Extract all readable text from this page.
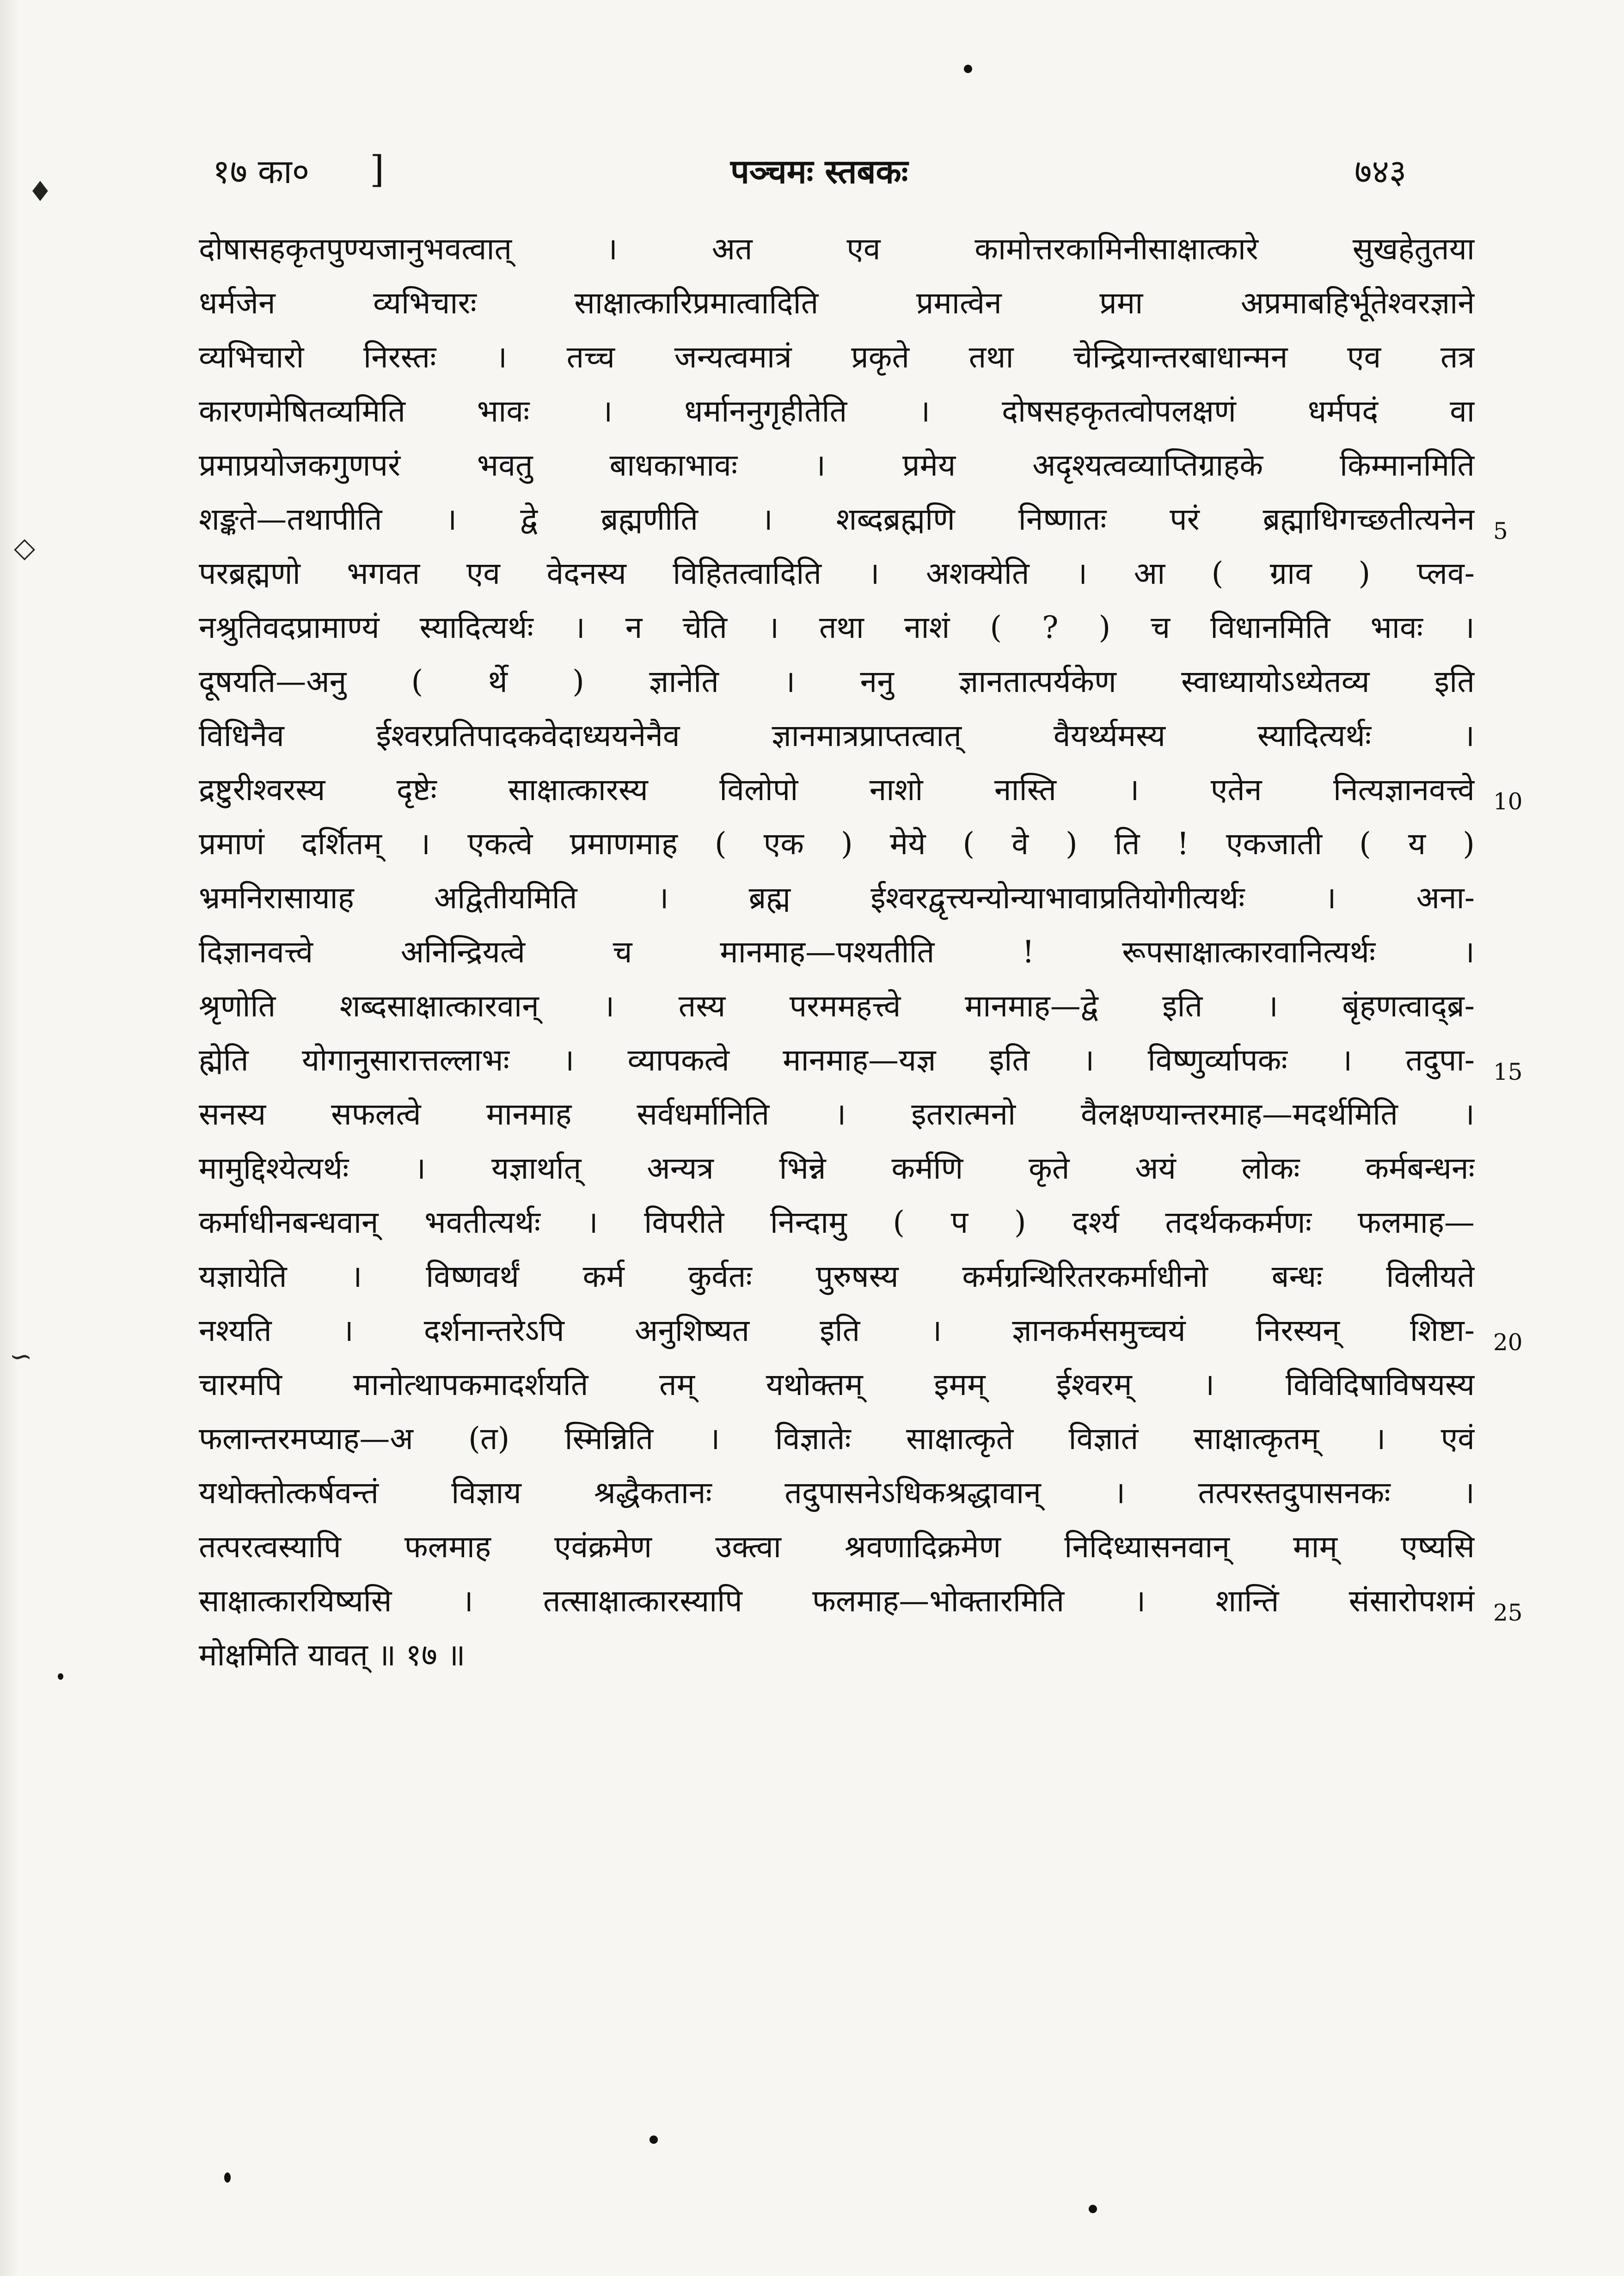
१७ का० ]	पञ्चमः स्तबकः	७४३
दोषासहकृतपुण्यजानुभवत्वात् । अत एव कामोत्तरकामिनीसाक्षात्कारे सुखहेतुतया
धर्मजेन व्यभिचारः साक्षात्कारिप्रमात्वादिति प्रमात्वेन प्रमा अप्रमाबहिर्भूतेश्वरज्ञाने
व्यभिचारो निरस्तः । तच्च जन्यत्वमात्रं प्रकृते तथा चेन्द्रियान्तरबाधान्मन एव तत्र
कारणमेषितव्यमिति भावः । धर्माननुगृहीतेति । दोषसहकृतत्वोपलक्षणं धर्मपदं वा
प्रमाप्रयोजकगुणपरं भवतु बाधकाभावः । प्रमेय अदृश्यत्वव्याप्तिग्राहके किम्मानमिति
शङ्कते—तथापीति । द्वे ब्रह्मणीति । शब्दब्रह्मणि निष्णातः परं ब्रह्माधिगच्छतीत्यनेन
परब्रह्मणो भगवत एव वेदनस्य विहितत्वादिति । अशक्येति । आ ( ग्राव ) प्लव-
नश्रुतिवदप्रामाण्यं स्यादित्यर्थः । न चेति । तथा नाशं ( ? ) च विधानमिति भावः ।
दूषयति—अनु ( र्थे ) ज्ञानेति । ननु ज्ञानतात्पर्यकेण स्वाध्यायोऽध्येतव्य इति
विधिनैव ईश्वरप्रतिपादकवेदाध्ययनेनैव ज्ञानमात्रप्राप्तत्वात् वैयर्थ्यमस्य स्यादित्यर्थः ।
द्रष्टुरीश्वरस्य दृष्टेः साक्षात्कारस्य विलोपो नाशो नास्ति । एतेन नित्यज्ञानवत्त्वे
प्रमाणं दर्शितम् । एकत्वे प्रमाणमाह ( एक ) मेये ( वे ) ति ! एकजाती ( य )
भ्रमनिरासायाह अद्वितीयमिति । ब्रह्म ईश्वरद्वृत्त्यन्योन्याभावाप्रतियोगीत्यर्थः । अना-
दिज्ञानवत्त्वे अनिन्द्रियत्वे च मानमाह—पश्यतीति ! रूपसाक्षात्कारवानित्यर्थः ।
श्रृणोति शब्दसाक्षात्कारवान् । तस्य परममहत्त्वे मानमाह—द्वे इति । बृंहणत्वाद्ब्र-
ह्मेति योगानुसारात्तल्लाभः । व्यापकत्वे मानमाह—यज्ञ इति । विष्णुर्व्यापकः । तदुपा-
सनस्य सफलत्वे मानमाह सर्वधर्मानिति । इतरात्मनो वैलक्षण्यान्तरमाह—मदर्थमिति ।
मामुद्दिश्येत्यर्थः । यज्ञार्थात् अन्यत्र भिन्ने कर्मणि कृते अयं लोकः कर्मबन्धनः
कर्माधीनबन्धवान् भवतीत्यर्थः । विपरीते निन्दामु ( प ) दर्श्य तदर्थककर्मणः फलमाह—
यज्ञायेति । विष्णवर्थं कर्म कुर्वतः पुरुषस्य कर्मग्रन्थिरितरकर्माधीनो बन्धः विलीयते
नश्यति । दर्शनान्तरेऽपि अनुशिष्यत इति । ज्ञानकर्मसमुच्चयं निरस्यन् शिष्टा-
चारमपि मानोत्थापकमादर्शयति तम् यथोक्तम् इमम् ईश्वरम् । विविदिषाविषयस्य
फलान्तरमप्याह—अ (त) स्मिन्निति । विज्ञातेः साक्षात्कृते विज्ञातं साक्षात्कृतम् । एवं
यथोक्तोत्कर्षवन्तं विज्ञाय श्रद्धैकतानः तदुपासनेऽधिकश्रद्धावान् । तत्परस्तदुपासनकः ।
तत्परत्वस्यापि फलमाह एवंक्रमेण उक्त्वा श्रवणादिक्रमेण निदिध्यासनवान् माम् एष्यसि
साक्षात्कारयिष्यसि । तत्साक्षात्कारस्यापि फलमाह—भोक्तारमिति । शान्तिं संसारोपशमं
मोक्षमिति यावत् ॥ १७ ॥
5
10
15
20
25
♦
◇
∽
